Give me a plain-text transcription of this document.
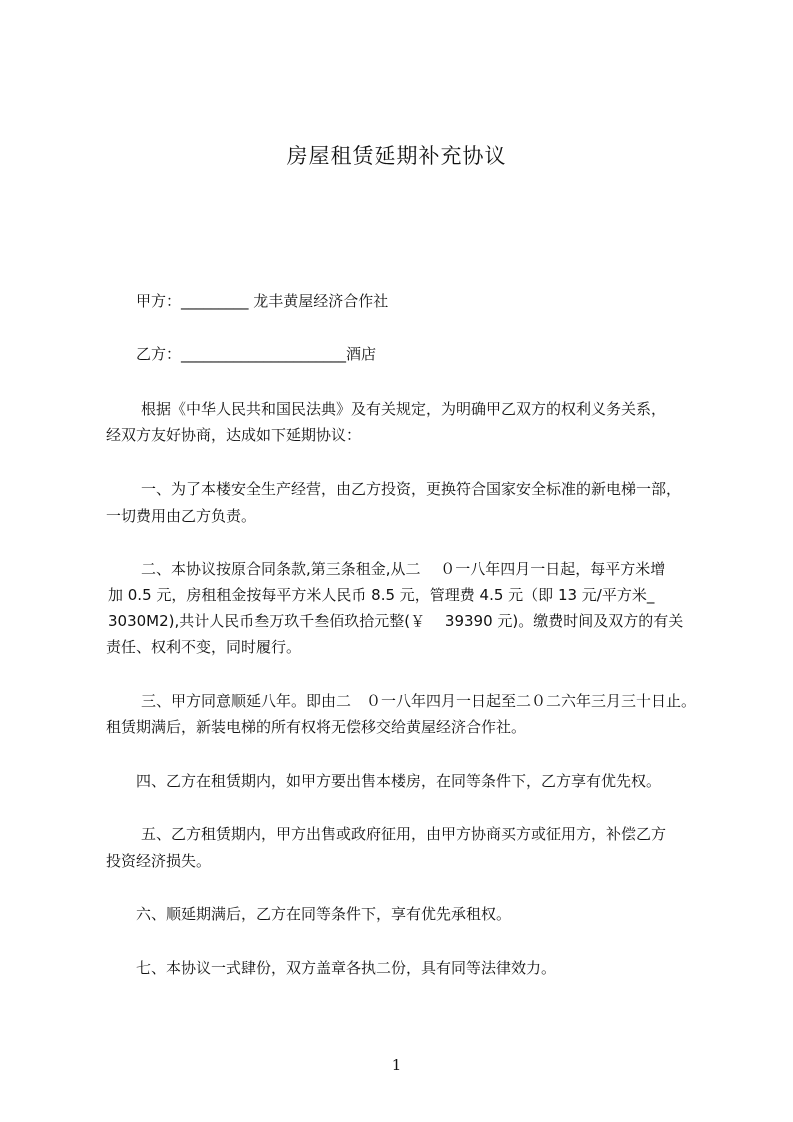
房屋租赁延期补充协议
甲方：_________ 龙丰黄屋经济合作社
乙方：______________________酒店
根据《中华人民共和国民法典》及有关规定，为明确甲乙双方的权利义务关系，
经双方友好协商，达成如下延期协议：
一、为了本楼安全生产经营，由乙方投资，更换符合国家安全标准的新电梯一部，
一切费用由乙方负责。
二、本协议按原合同条款,第三条租金,从二　 ０一八年四月一日起，每平方米增
加 0.5 元，房租租金按每平方米人民币 8.5 元，管理费 4.5 元（即 13 元/平方米_
3030M2),共计人民币叁万玖千叁佰玖拾元整(￥　 39390 元)。缴费时间及双方的有关
责任、权利不变，同时履行。
三、甲方同意顺延八年。即由二　０一八年四月一日起至二０二六年三月三十日止。
租赁期满后，新装电梯的所有权将无偿移交给黄屋经济合作社。
四、乙方在租赁期内，如甲方要出售本楼房，在同等条件下，乙方享有优先权。
五、乙方租赁期内，甲方出售或政府征用，由甲方协商买方或征用方，补偿乙方
投资经济损失。
六、顺延期满后，乙方在同等条件下，享有优先承租权。
七、本协议一式肆份，双方盖章各执二份，具有同等法律效力。
1
